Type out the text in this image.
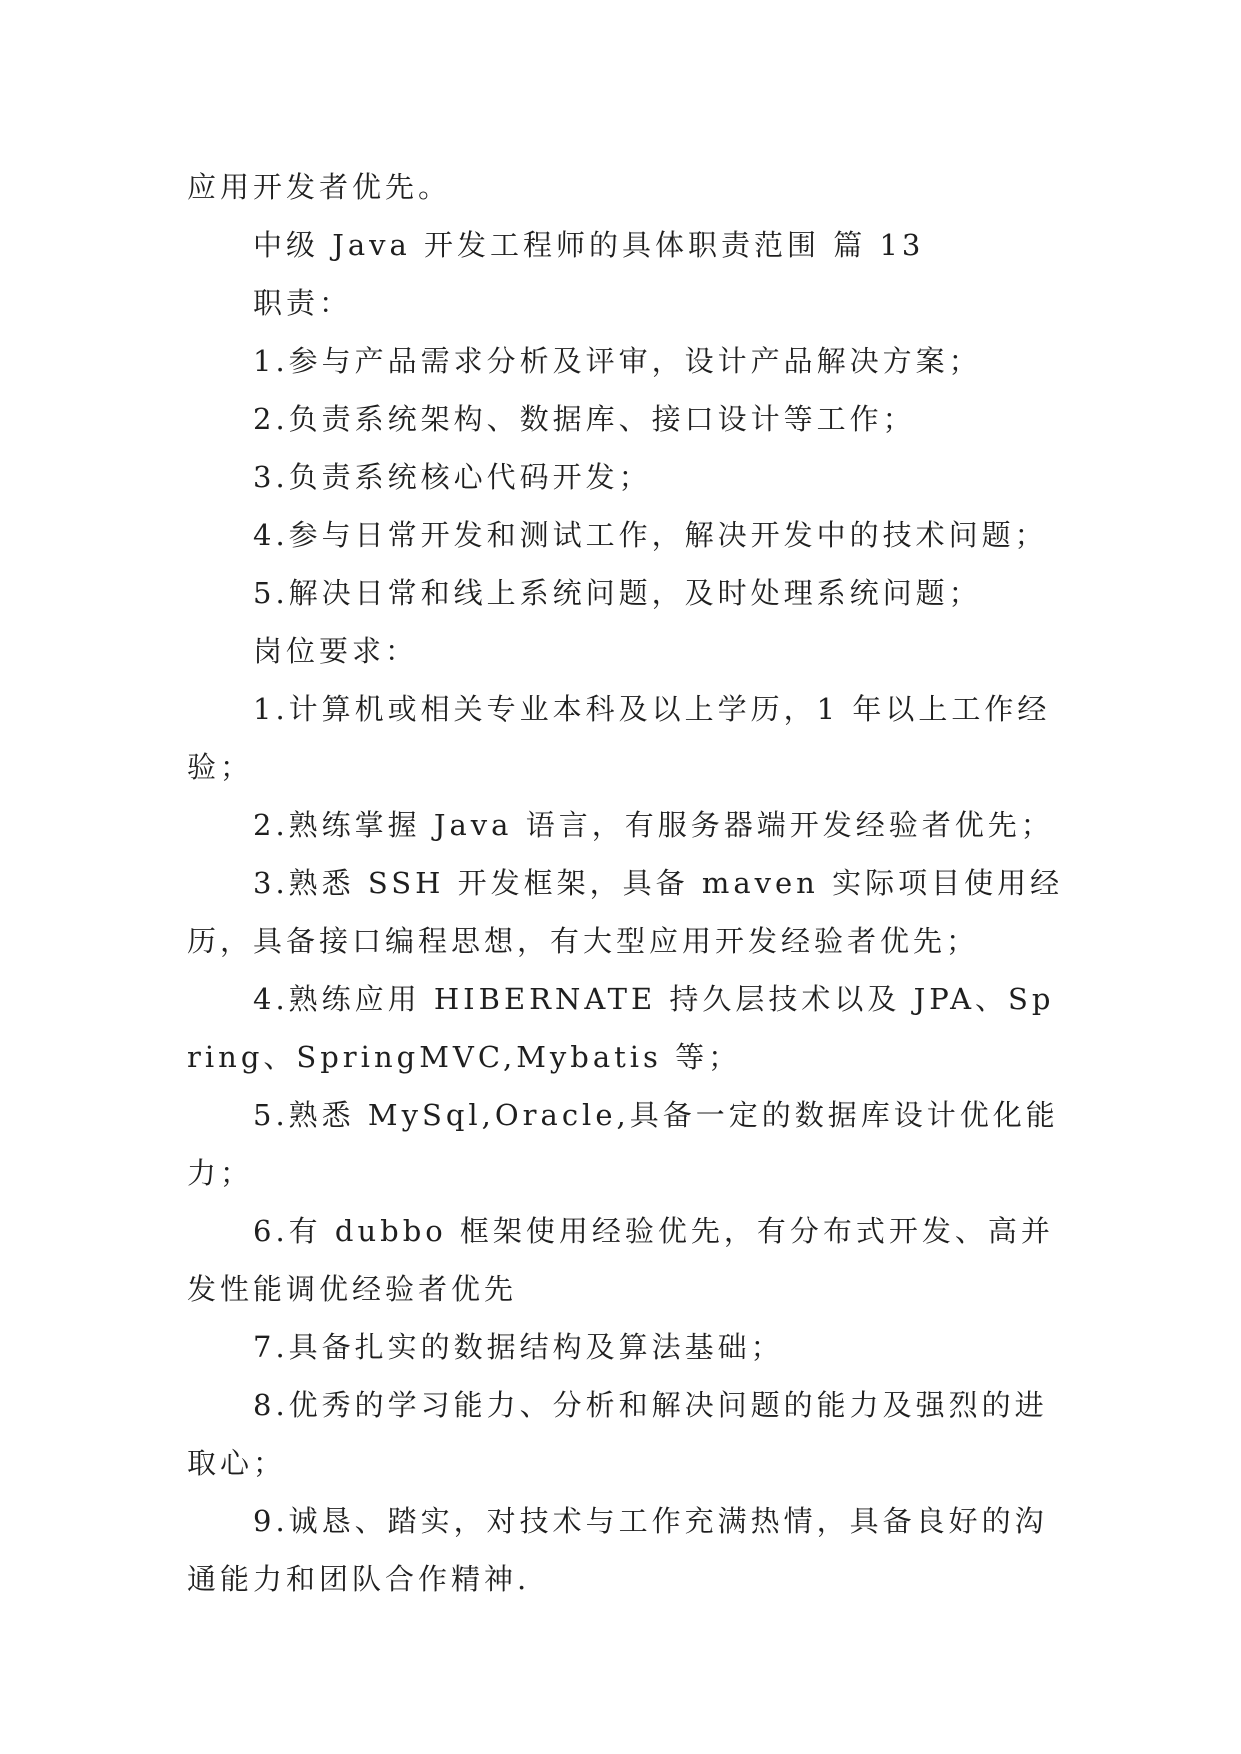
应用开发者优先。

中级 Java 开发工程师的具体职责范围 篇 13

职责：

1.参与产品需求分析及评审，设计产品解决方案；

2.负责系统架构、数据库、接口设计等工作；

3.负责系统核心代码开发；

4.参与日常开发和测试工作，解决开发中的技术问题；

5.解决日常和线上系统问题，及时处理系统问题；

岗位要求：

1.计算机或相关专业本科及以上学历，1 年以上工作经验；

2.熟练掌握 Java 语言，有服务器端开发经验者优先；

3.熟悉 SSH 开发框架，具备 maven 实际项目使用经历，具备接口编程思想，有大型应用开发经验者优先；

4.熟练应用 HIBERNATE 持久层技术以及 JPA、Spring、SpringMVC,Mybatis 等；

5.熟悉 MySql,Oracle,具备一定的数据库设计优化能力；

6.有 dubbo 框架使用经验优先，有分布式开发、高并发性能调优经验者优先

7.具备扎实的数据结构及算法基础；

8.优秀的学习能力、分析和解决问题的能力及强烈的进取心；

9.诚恳、踏实，对技术与工作充满热情，具备良好的沟通能力和团队合作精神.
